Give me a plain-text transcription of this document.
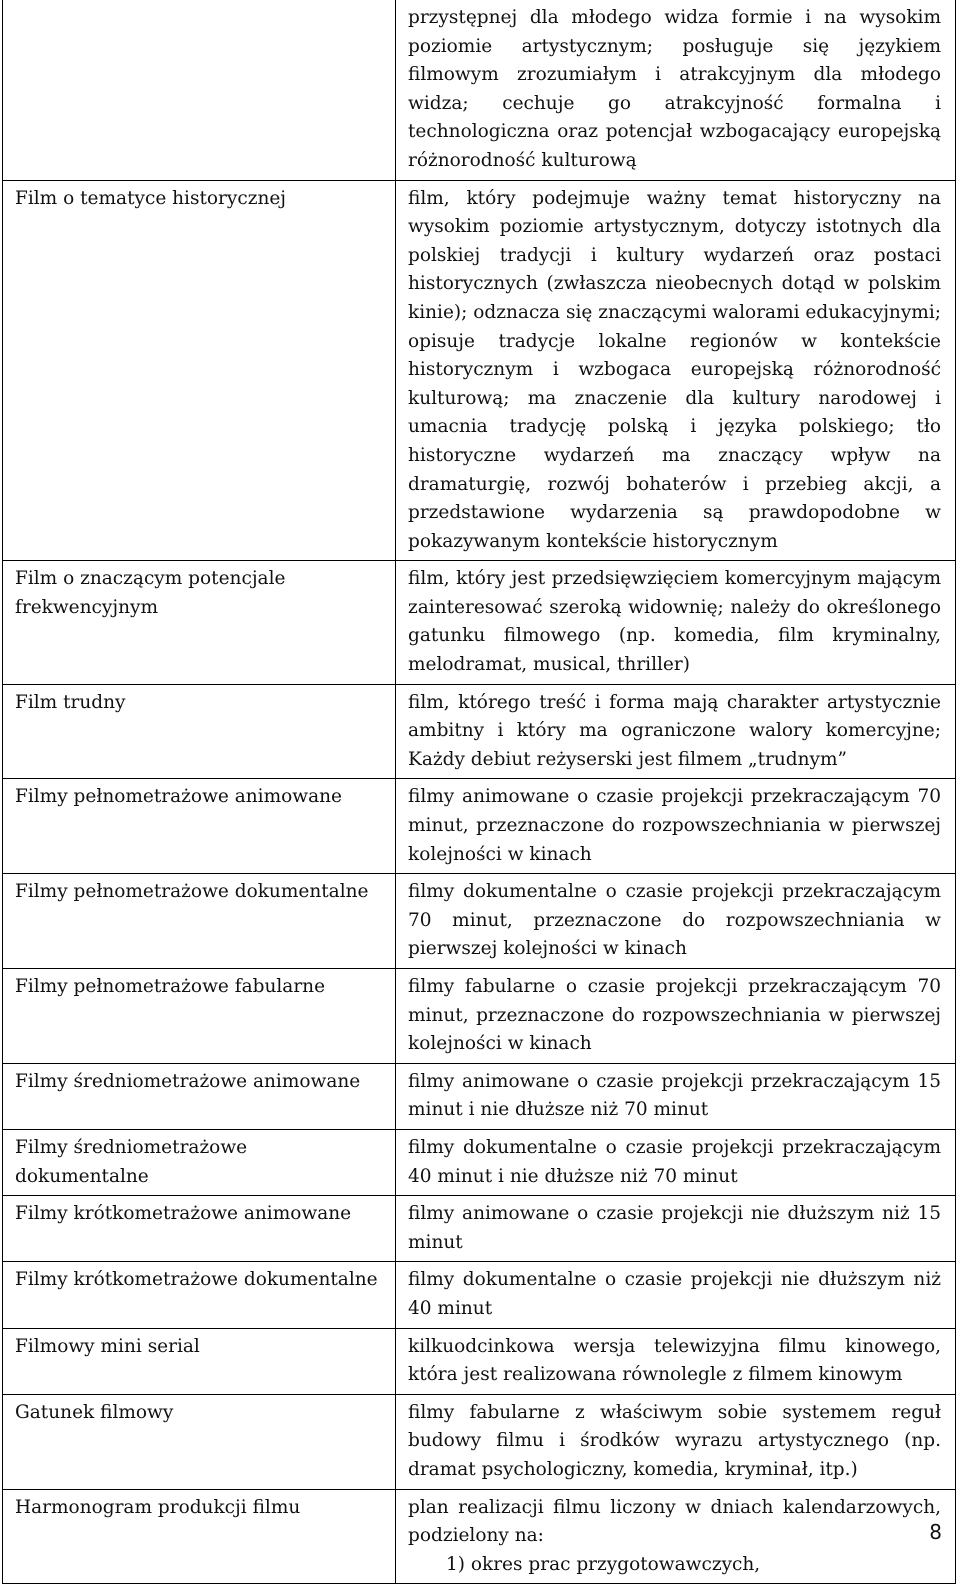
	przystępnej dla młodego widza formie i na wysokim poziomie artystycznym; posługuje się językiem filmowym zrozumiałym i atrakcyjnym dla młodego widza; cechuje go atrakcyjność formalna i technologiczna oraz potencjał wzbogacający europejską różnorodność kulturową
Film o tematyce historycznej	film, który podejmuje ważny temat historyczny na wysokim poziomie artystycznym, dotyczy istotnych dla polskiej tradycji i kultury wydarzeń oraz postaci historycznych (zwłaszcza nieobecnych dotąd w polskim kinie); odznacza się znaczącymi walorami edukacyjnymi; opisuje tradycje lokalne regionów w kontekście historycznym i wzbogaca europejską różnorodność kulturową; ma znaczenie dla kultury narodowej i umacnia tradycję polską i języka polskiego; tło historyczne wydarzeń ma znaczący wpływ na dramaturgię, rozwój bohaterów i przebieg akcji, a przedstawione wydarzenia są prawdopodobne w pokazywanym kontekście historycznym
Film o znaczącym potencjale frekwencyjnym	film, który jest przedsięwzięciem komercyjnym mającym zainteresować szeroką widownię; należy do określonego gatunku filmowego (np. komedia, film kryminalny, melodramat, musical, thriller)
Film trudny	film, którego treść i forma mają charakter artystycznie ambitny i który ma ograniczone walory komercyjne; Każdy debiut reżyserski jest filmem „trudnym”
Filmy pełnometrażowe animowane	filmy animowane o czasie projekcji przekraczającym 70 minut, przeznaczone do rozpowszechniania w pierwszej kolejności w kinach
Filmy pełnometrażowe dokumentalne	filmy dokumentalne o czasie projekcji przekraczającym 70 minut, przeznaczone do rozpowszechniania w pierwszej kolejności w kinach
Filmy pełnometrażowe fabularne	filmy fabularne o czasie projekcji przekraczającym 70 minut, przeznaczone do rozpowszechniania w pierwszej kolejności w kinach
Filmy średniometrażowe animowane	filmy animowane o czasie projekcji przekraczającym 15 minut i nie dłuższe niż 70 minut
Filmy średniometrażowe dokumentalne	filmy dokumentalne o czasie projekcji przekraczającym 40 minut i nie dłuższe niż 70 minut
Filmy krótkometrażowe animowane	filmy animowane o czasie projekcji nie dłuższym niż 15 minut
Filmy krótkometrażowe dokumentalne	filmy dokumentalne o czasie projekcji nie dłuższym niż 40 minut
Filmowy mini serial	kilkuodcinkowa wersja telewizyjna filmu kinowego, która jest realizowana równolegle z filmem kinowym
Gatunek filmowy	filmy fabularne z właściwym sobie systemem reguł budowy filmu i środków wyrazu artystycznego (np. dramat psychologiczny, komedia, kryminał, itp.)
Harmonogram produkcji filmu	plan realizacji filmu liczony w dniach kalendarzowych, podzielony na:
1) okres prac przygotowawczych,
8
